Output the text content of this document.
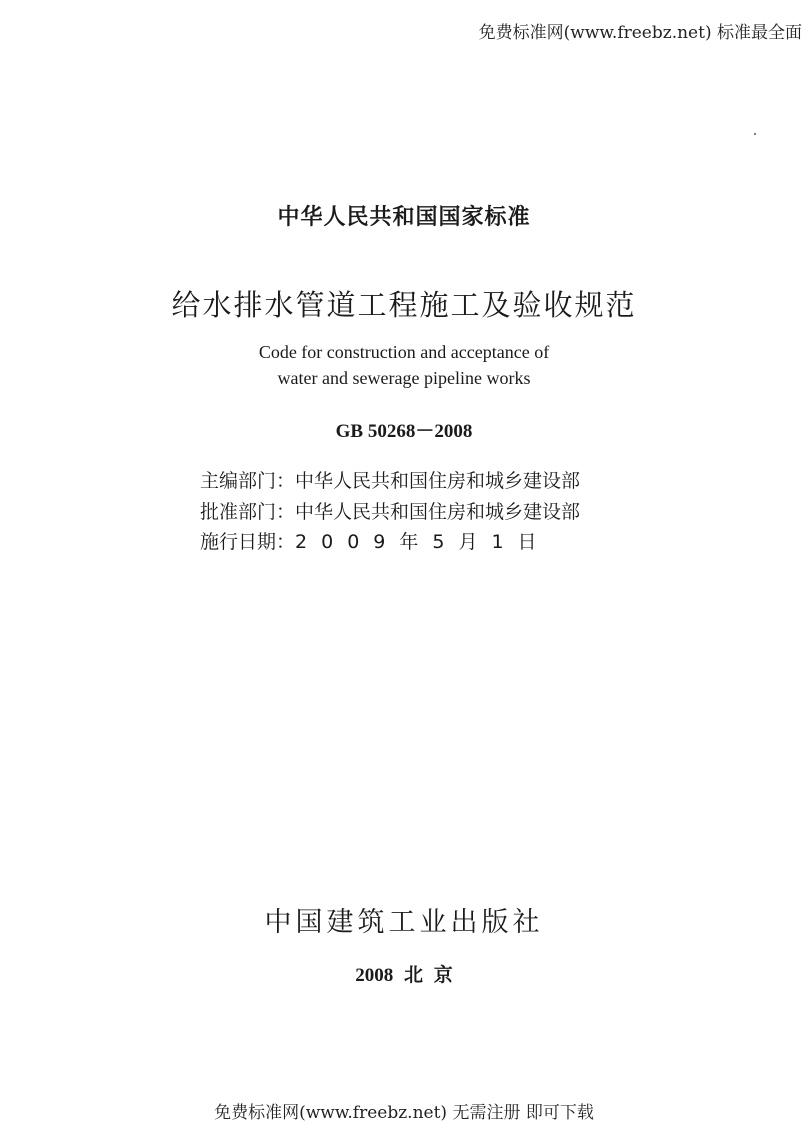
免费标准网(www.freebz.net) 标准最全面
中华人民共和国国家标准
给水排水管道工程施工及验收规范
Code for construction and acceptance of
water and sewerage pipeline works
GB 50268－2008
主编部门：中华人民共和国住房和城乡建设部
批准部门：中华人民共和国住房和城乡建设部
施行日期：2009年5月1日
中国建筑工业出版社
2008 北 京
免费标准网(www.freebz.net) 无需注册 即可下载
